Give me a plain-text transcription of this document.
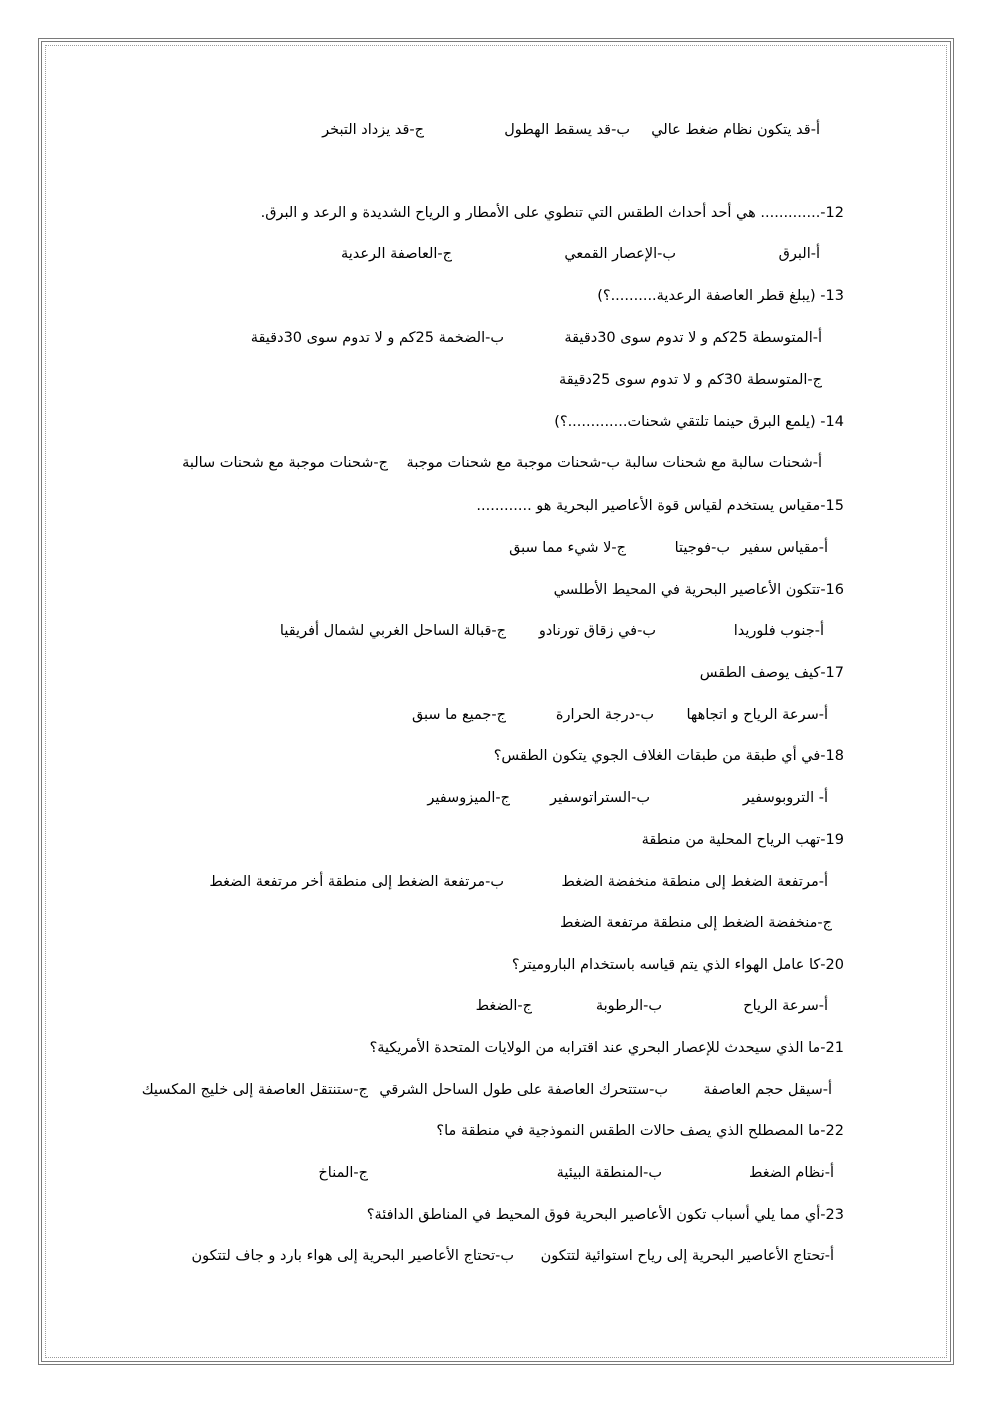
أ-قد يتكون نظام ضغط عالي
ب-قد يسقط الهطول
ج-قد يزداد التبخر
12-............. هي أحد أحداث الطقس التي تنطوي على الأمطار و الرياح الشديدة و الرعد و البرق.
أ-البرق
ب-الإعصار القمعي
ج-العاصفة الرعدية
13- (يبلغ قطر العاصفة الرعدية..........؟)
أ-المتوسطة 25كم و لا تدوم سوى 30دقيقة
ب-الضخمة 25كم و لا تدوم سوى 30دقيقة
ج-المتوسطة 30كم و لا تدوم سوى 25دقيقة
14- (يلمع البرق حينما تلتقي شحنات.............؟)
أ-شحنات سالبة مع شحنات سالبة
ب-شحنات موجبة مع شحنات موجبة
ج-شحنات موجبة مع شحنات سالبة
15-مقياس يستخدم لقياس قوة الأعاصير البحرية هو ............
أ-مقياس سفير
ب-فوجيتا
ج-لا شيء مما سبق
16-تتكون الأعاصير البحرية في المحيط الأطلسي
أ-جنوب فلوريدا
ب-في زقاق تورنادو
ج-قبالة الساحل الغربي لشمال أفريقيا
17-كيف يوصف الطقس
أ-سرعة الرياح و اتجاهها
ب-درجة الحرارة
ج-جميع ما سبق
18-في أي طبقة من طبقات الغلاف الجوي يتكون الطقس؟
أ- التروبوسفير
ب-الستراتوسفير
ج-الميزوسفير
19-تهب الرياح المحلية من منطقة
أ-مرتفعة الضغط إلى منطقة منخفضة الضغط
ب-مرتفعة الضغط إلى منطقة أخر مرتفعة الضغط
ج-منخفضة الضغط إلى منطقة مرتفعة الضغط
20-كا عامل الهواء الذي يتم قياسه باستخدام الباروميتر؟
أ-سرعة الرياح
ب-الرطوبة
ج-الضغط
21-ما الذي سيحدث للإعصار البحري عند اقترابه من الولايات المتحدة الأمريكية؟
أ-سيقل حجم العاصفة
ب-ستتحرك العاصفة على طول الساحل الشرقي
ج-ستنتقل العاصفة إلى خليج المكسيك
22-ما المصطلح الذي يصف حالات الطقس النموذجية في منطقة ما؟
أ-نظام الضغط
ب-المنطقة البيئية
ج-المناخ
23-أي مما يلي أسباب تكون الأعاصير البحرية فوق المحيط في المناطق الدافئة؟
أ-تحتاج الأعاصير البحرية إلى رياح استوائية لتتكون
ب-تحتاج الأعاصير البحرية إلى هواء بارد و جاف لتتكون
